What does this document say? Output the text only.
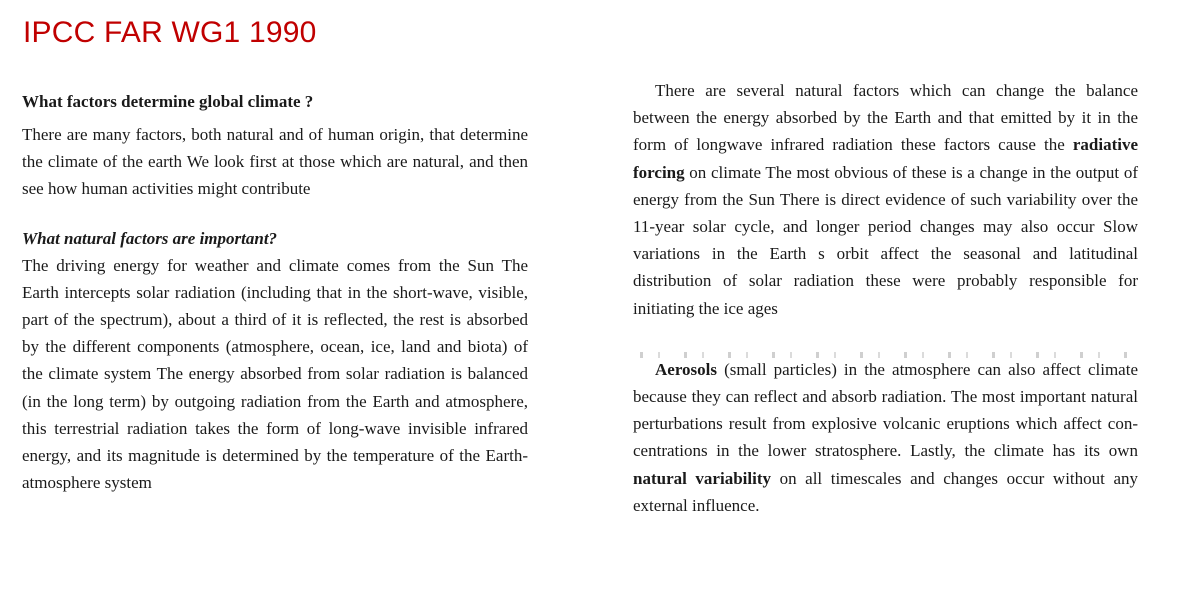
IPCC FAR WG1 1990

What factors determine global climate ?

There are many factors, both natural and of human origin, that determine the climate of the earth We look first at those which are natural, and then see how human activities might contribute

What natural factors are important?

The driving energy for weather and climate comes from the Sun The Earth intercepts solar radiation (including that in the short-wave, visible, part of the spectrum), about a third of it is reflected, the rest is absorbed by the different components (atmosphere, ocean, ice, land and biota) of the climate system The energy absorbed from solar radiation is balanced (in the long term) by outgoing radiation from the Earth and atmosphere, this terrestrial radiation takes the form of long-wave invisible infrared energy, and its magnitude is determined by the temperature of the Earth-atmosphere system

There are several natural factors which can change the balance between the energy absorbed by the Earth and that emitted by it in the form of longwave infrared radiation these factors cause the radiative forcing on climate The most obvious of these is a change in the output of energy from the Sun There is direct evidence of such variability over the 11-year solar cycle, and longer period changes may also occur Slow variations in the Earth s orbit affect the seasonal and latitudinal distribution of solar radiation these were probably responsible for initiating the ice ages

Aerosols (small particles) in the atmosphere can also affect climate because they can reflect and absorb radiation. The most important natural perturbations result from explosive volcanic eruptions which affect con-centrations in the lower stratosphere. Lastly, the climate has its own natural variability on all timescales and changes occur without any external influence.
